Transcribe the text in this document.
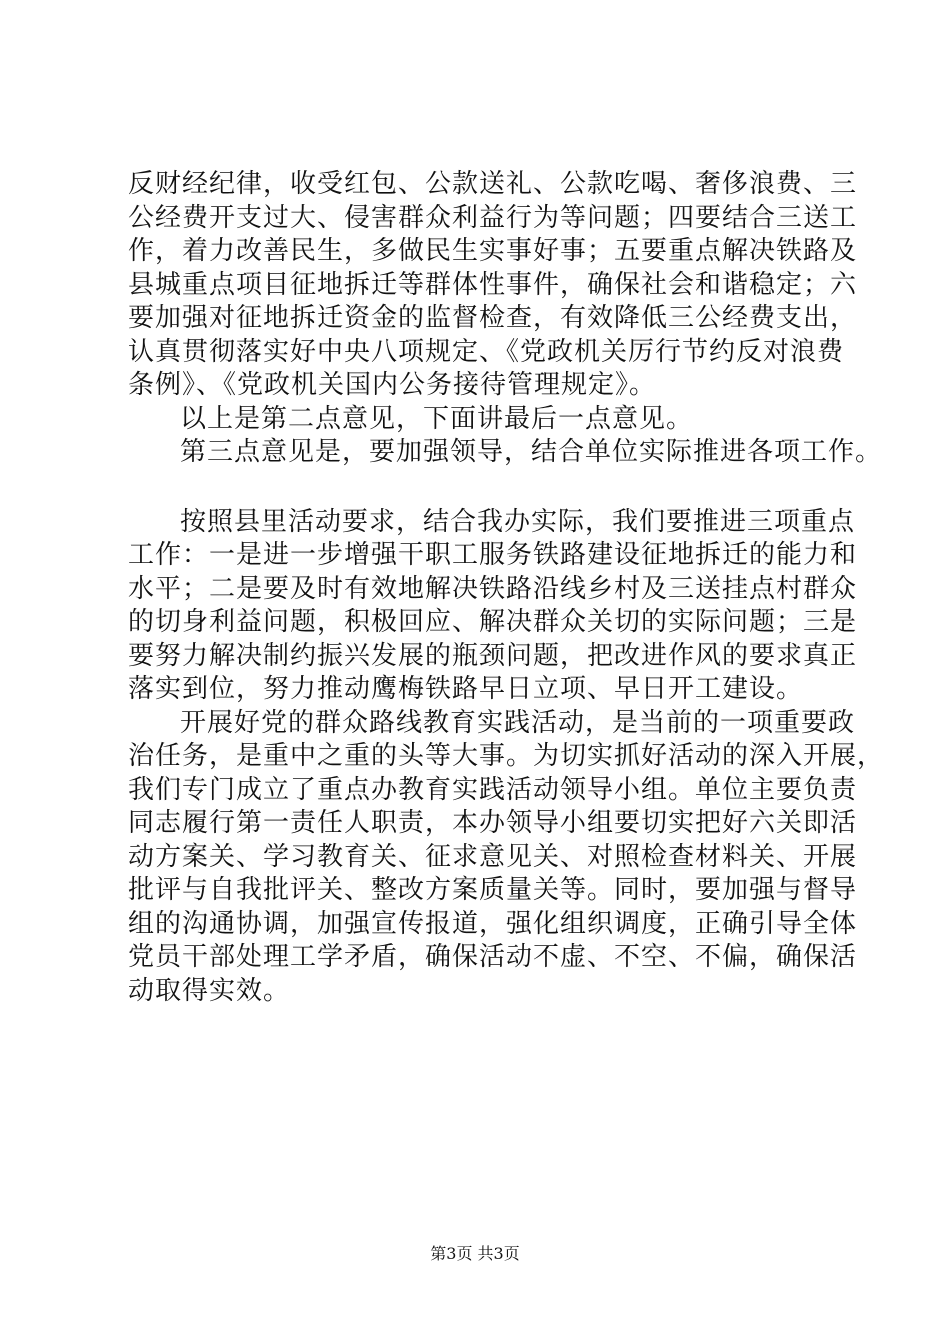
反财经纪律，收受红包、公款送礼、公款吃喝、奢侈浪费、三
公经费开支过大、侵害群众利益行为等问题；四要结合三送工
作，着力改善民生，多做民生实事好事；五要重点解决铁路及
县城重点项目征地拆迁等群体性事件，确保社会和谐稳定；六
要加强对征地拆迁资金的监督检查，有效降低三公经费支出，
认真贯彻落实好中央八项规定、《党政机关厉行节约反对浪费
条例》、《党政机关国内公务接待管理规定》。
以上是第二点意见，下面讲最后一点意见。
第三点意见是，要加强领导，结合单位实际推进各项工作。
按照县里活动要求，结合我办实际，我们要推进三项重点
工作：一是进一步增强干职工服务铁路建设征地拆迁的能力和
水平；二是要及时有效地解决铁路沿线乡村及三送挂点村群众
的切身利益问题，积极回应、解决群众关切的实际问题；三是
要努力解决制约振兴发展的瓶颈问题，把改进作风的要求真正
落实到位，努力推动鹰梅铁路早日立项、早日开工建设。
开展好党的群众路线教育实践活动，是当前的一项重要政
治任务，是重中之重的头等大事。为切实抓好活动的深入开展，
我们专门成立了重点办教育实践活动领导小组。单位主要负责
同志履行第一责任人职责，本办领导小组要切实把好六关即活
动方案关、学习教育关、征求意见关、对照检查材料关、开展
批评与自我批评关、整改方案质量关等。同时，要加强与督导
组的沟通协调，加强宣传报道，强化组织调度，正确引导全体
党员干部处理工学矛盾，确保活动不虚、不空、不偏，确保活
动取得实效。
第3页 共3页
